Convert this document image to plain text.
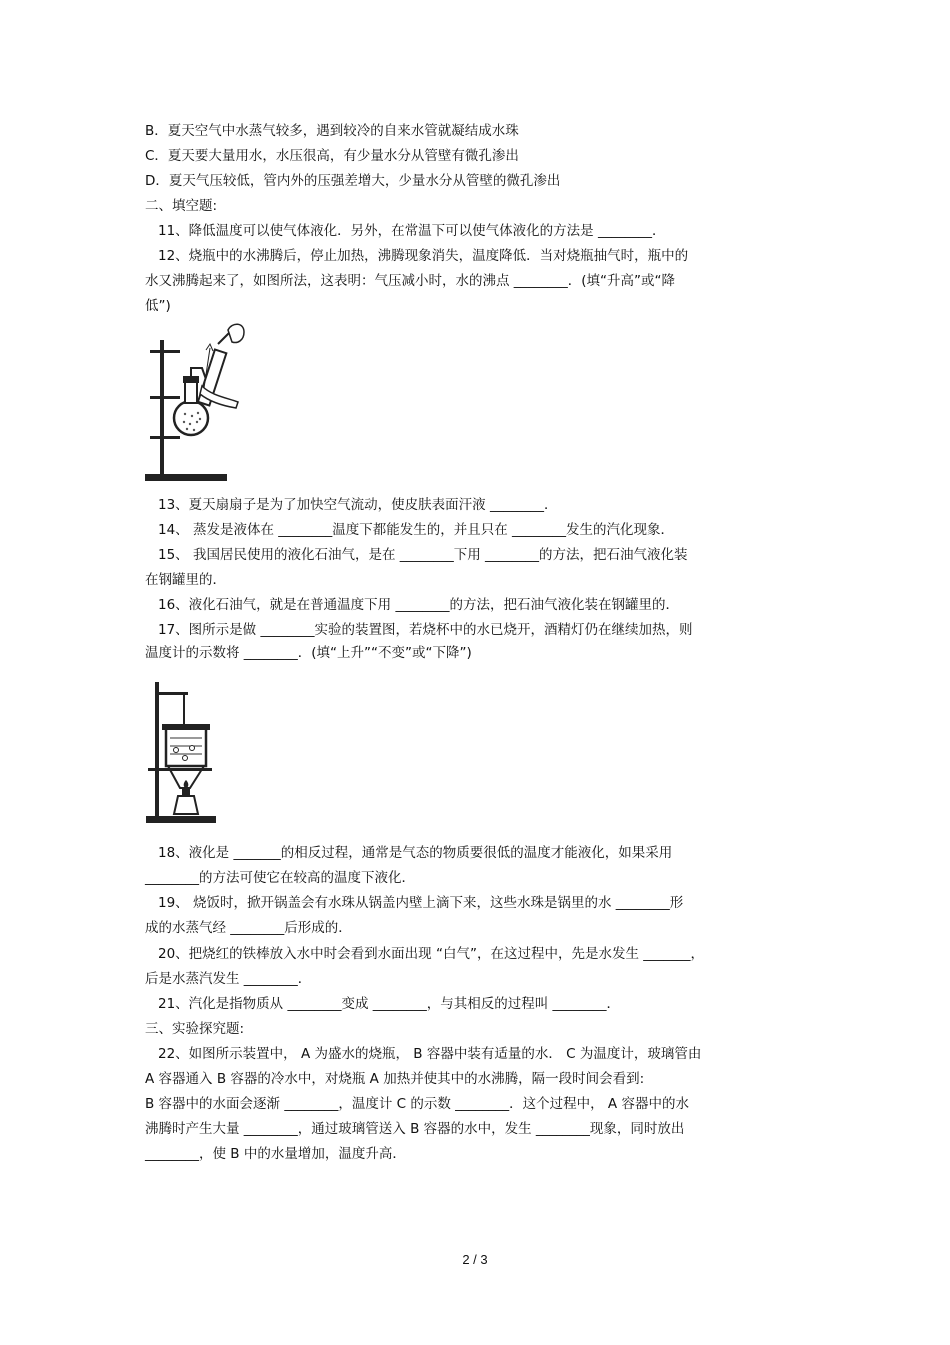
B．夏天空气中水蒸气较多，遇到较冷的自来水管就凝结成水珠
C．夏天要大量用水，水压很高，有少量水分从管壁有微孔渗出
D．夏天气压较低，管内外的压强差增大，少量水分从管壁的微孔渗出
二、填空题:
11、降低温度可以使气体液化．另外，在常温下可以使气体液化的方法是 ________．
12、烧瓶中的水沸腾后，停止加热，沸腾现象消失，温度降低．当对烧瓶抽气时，瓶中的
水又沸腾起来了，如图所法，这表明：气压减小时，水的沸点 ________．(填“升高”或“降
低”)
13、夏天扇扇子是为了加快空气流动，使皮肤表面汗液 ________．
14、 蒸发是液体在 ________温度下都能发生的，并且只在 ________发生的汽化现象．
15、 我国居民使用的液化石油气，是在 ________下用 ________的方法，把石油气液化装
在钢罐里的．
16、液化石油气，就是在普通温度下用 ________的方法，把石油气液化装在钢罐里的．
17、图所示是做 ________实验的装置图，若烧杯中的水已烧开，酒精灯仍在继续加热，则
温度计的示数将 ________．(填“上升”“不变”或“下降”)
18、液化是 _______的相反过程，通常是气态的物质要很低的温度才能液化，如果采用
________的方法可使它在较高的温度下液化．
19、 烧饭时，掀开锅盖会有水珠从锅盖内壁上滴下来，这些水珠是锅里的水 ________形
成的水蒸气经 ________后形成的．
20、把烧红的铁棒放入水中时会看到水面出现 “白气”，在这过程中，先是水发生 _______，
后是水蒸汽发生 ________．
21、汽化是指物质从 ________变成 ________，与其相反的过程叫 ________．
三、实验探究题:
22、如图所示装置中， A 为盛水的烧瓶， B 容器中装有适量的水． C 为温度计，玻璃管由
A 容器通入 B 容器的冷水中，对烧瓶 A 加热并使其中的水沸腾，隔一段时间会看到:
B 容器中的水面会逐渐 ________，温度计 C 的示数 ________．这个过程中， A 容器中的水
沸腾时产生大量 ________，通过玻璃管送入 B 容器的水中，发生 ________现象，同时放出
________，使 B 中的水量增加，温度升高．
2 / 3
